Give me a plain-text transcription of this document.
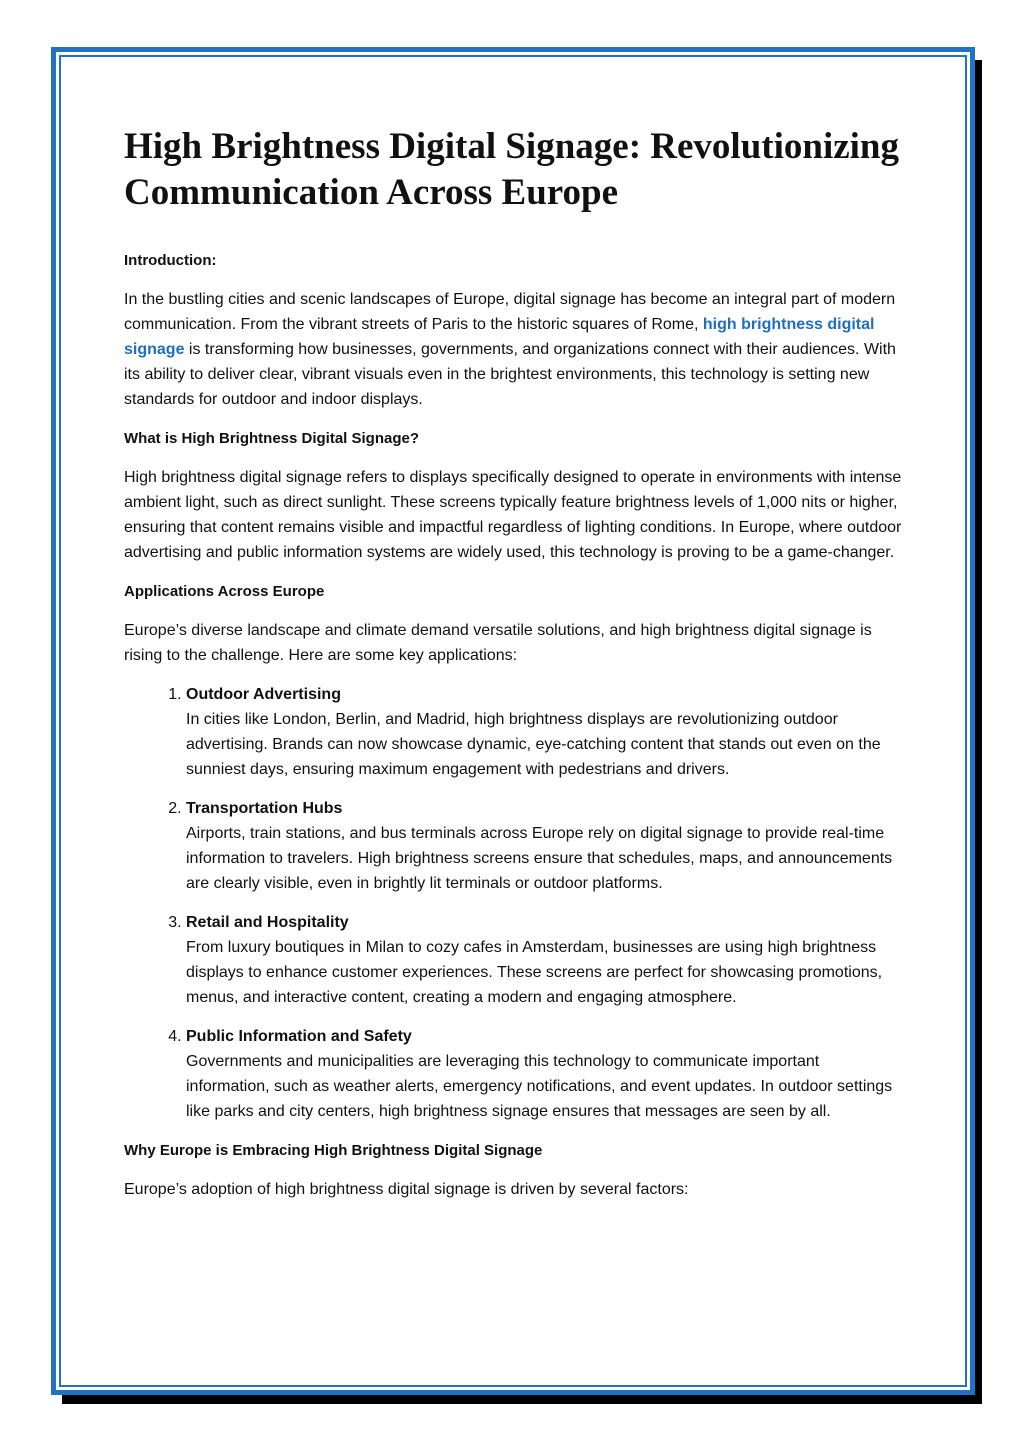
High Brightness Digital Signage: Revolutionizing Communication Across Europe
Introduction:

In the bustling cities and scenic landscapes of Europe, digital signage has become an integral part of modern communication. From the vibrant streets of Paris to the historic squares of Rome, high brightness digital signage is transforming how businesses, governments, and organizations connect with their audiences. With its ability to deliver clear, vibrant visuals even in the brightest environments, this technology is setting new standards for outdoor and indoor displays.

What is High Brightness Digital Signage?

High brightness digital signage refers to displays specifically designed to operate in environments with intense ambient light, such as direct sunlight. These screens typically feature brightness levels of 1,000 nits or higher, ensuring that content remains visible and impactful regardless of lighting conditions. In Europe, where outdoor advertising and public information systems are widely used, this technology is proving to be a game-changer.

Applications Across Europe

Europe’s diverse landscape and climate demand versatile solutions, and high brightness digital signage is rising to the challenge. Here are some key applications:

1. Outdoor Advertising
In cities like London, Berlin, and Madrid, high brightness displays are revolutionizing outdoor advertising. Brands can now showcase dynamic, eye-catching content that stands out even on the sunniest days, ensuring maximum engagement with pedestrians and drivers.
2. Transportation Hubs
Airports, train stations, and bus terminals across Europe rely on digital signage to provide real-time information to travelers. High brightness screens ensure that schedules, maps, and announcements are clearly visible, even in brightly lit terminals or outdoor platforms.
3. Retail and Hospitality
From luxury boutiques in Milan to cozy cafes in Amsterdam, businesses are using high brightness displays to enhance customer experiences. These screens are perfect for showcasing promotions, menus, and interactive content, creating a modern and engaging atmosphere.
4. Public Information and Safety
Governments and municipalities are leveraging this technology to communicate important information, such as weather alerts, emergency notifications, and event updates. In outdoor settings like parks and city centers, high brightness signage ensures that messages are seen by all.
Why Europe is Embracing High Brightness Digital Signage

Europe’s adoption of high brightness digital signage is driven by several factors:
